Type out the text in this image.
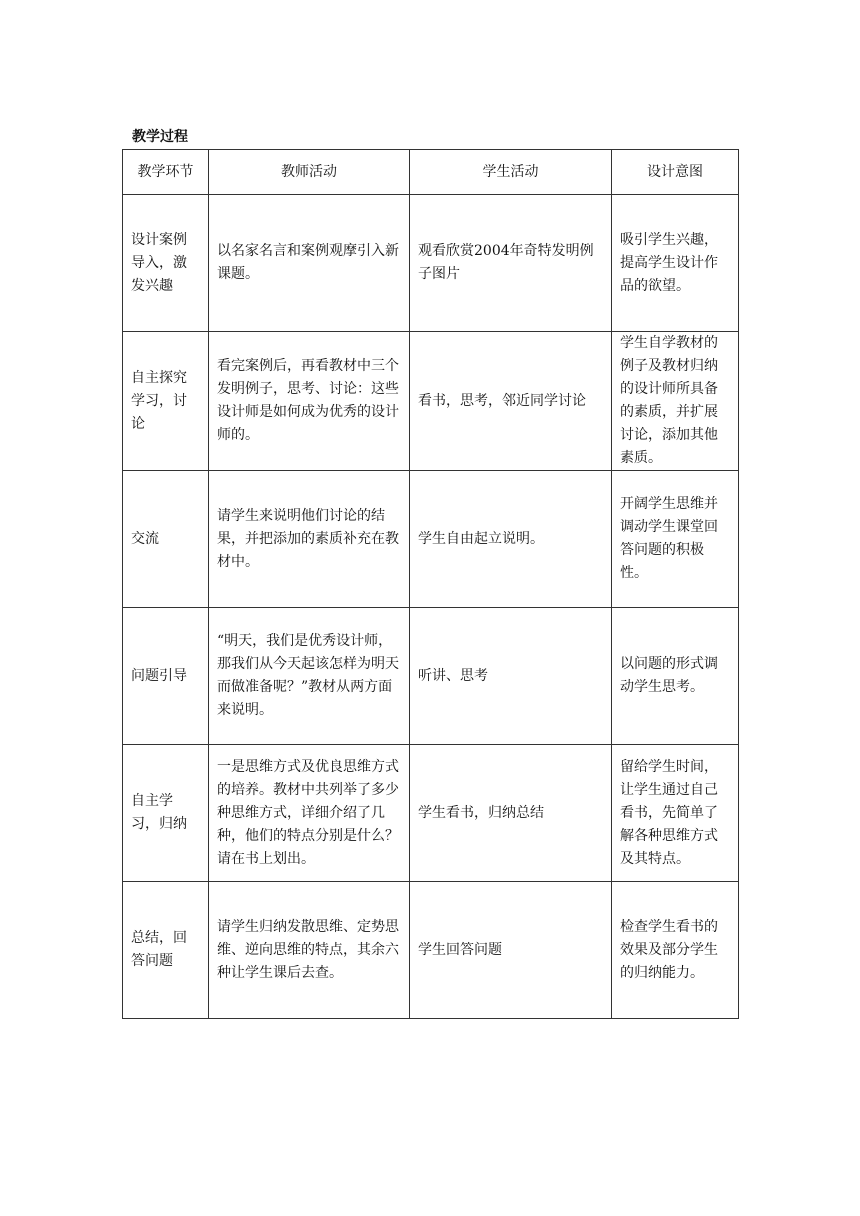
教学过程
教学环节	教师活动	学生活动	设计意图
设计案例导入，激发兴趣	以名家名言和案例观摩引入新课题。	观看欣赏2004年奇特发明例子图片	吸引学生兴趣，提高学生设计作品的欲望。
自主探究学习，讨论	看完案例后，再看教材中三个发明例子，思考、讨论：这些设计师是如何成为优秀的设计师的。	看书，思考，邻近同学讨论	学生自学教材的例子及教材归纳的设计师所具备的素质，并扩展讨论，添加其他素质。
交流	请学生来说明他们讨论的结果，并把添加的素质补充在教材中。	学生自由起立说明。	开阔学生思维并调动学生课堂回答问题的积极性。
问题引导	“明天，我们是优秀设计师，那我们从今天起该怎样为明天而做准备呢？”教材从两方面来说明。	听讲、思考	以问题的形式调动学生思考。
自主学习，归纳	一是思维方式及优良思维方式的培养。教材中共列举了多少种思维方式，详细介绍了几种，他们的特点分别是什么？请在书上划出。	学生看书，归纳总结	留给学生时间，让学生通过自己看书，先简单了解各种思维方式及其特点。
总结，回答问题	请学生归纳发散思维、定势思维、逆向思维的特点，其余六种让学生课后去查。	学生回答问题	检查学生看书的效果及部分学生的归纳能力。
